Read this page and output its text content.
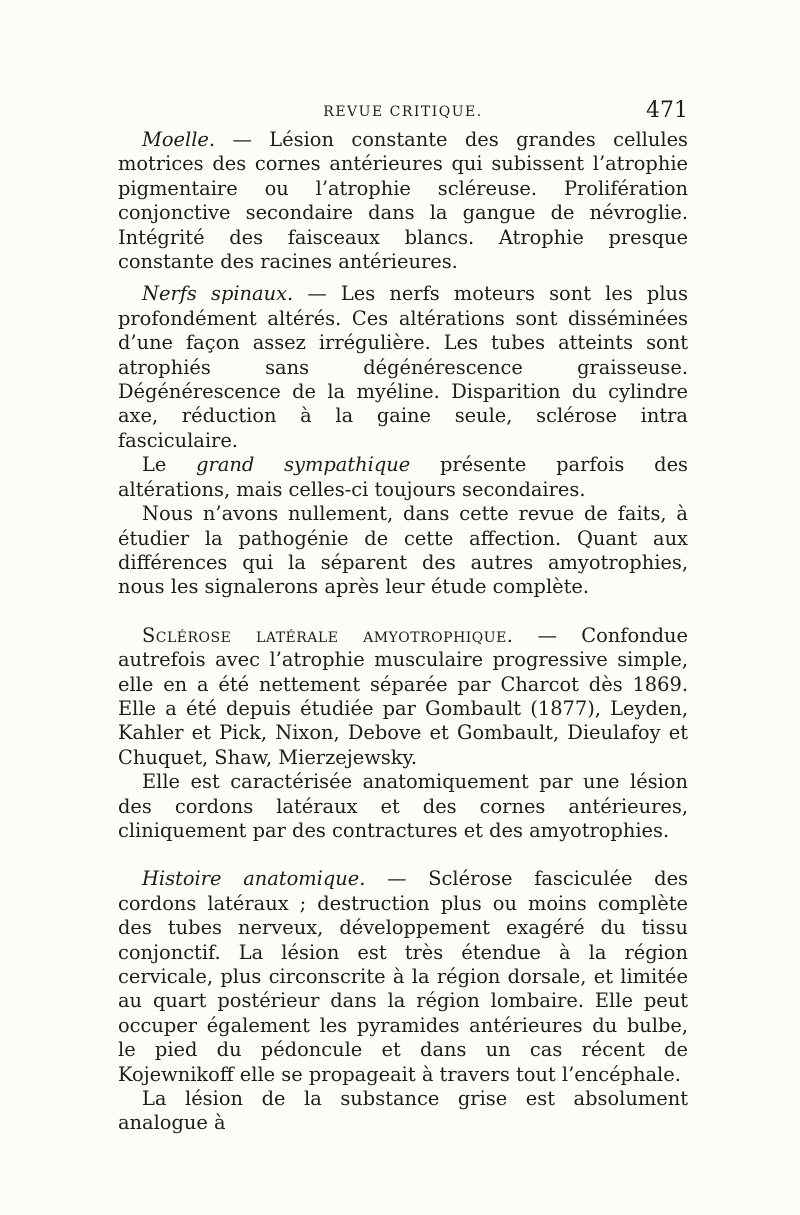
REVUE CRITIQUE.	471

Moelle. — Lésion constante des grandes cellules motrices des cornes antérieures qui subissent l’atrophie pigmentaire ou l’atrophie scléreuse. Prolifération conjonctive secondaire dans la gangue de névroglie. Intégrité des faisceaux blancs. Atrophie presque constante des racines antérieures.

Nerfs spinaux. — Les nerfs moteurs sont les plus profondément altérés. Ces altérations sont disséminées d’une façon assez irrégulière. Les tubes atteints sont atrophiés sans dégénérescence graisseuse. Dégénérescence de la myéline. Disparition du cylindre axe, réduction à la gaine seule, sclérose intra fasciculaire.

Le grand sympathique présente parfois des altérations, mais celles-ci toujours secondaires.

Nous n’avons nullement, dans cette revue de faits, à étudier la pathogénie de cette affection. Quant aux différences qui la séparent des autres amyotrophies, nous les signalerons après leur étude complète.

Sclérose latérale amyotrophique. — Confondue autrefois avec l’atrophie musculaire progressive simple, elle en a été nettement séparée par Charcot dès 1869. Elle a été depuis étudiée par Gombault (1877), Leyden, Kahler et Pick, Nixon, Debove et Gombault, Dieulafoy et Chuquet, Shaw, Mierzejewsky.

Elle est caractérisée anatomiquement par une lésion des cordons latéraux et des cornes antérieures, cliniquement par des contractures et des amyotrophies.

Histoire anatomique. — Sclérose fasciculée des cordons latéraux ; destruction plus ou moins complète des tubes nerveux, développement exagéré du tissu conjonctif. La lésion est très étendue à la région cervicale, plus circonscrite à la région dorsale, et limitée au quart postérieur dans la région lombaire. Elle peut occuper également les pyramides antérieures du bulbe, le pied du pédoncule et dans un cas récent de Kojewnikoff elle se propageait à travers tout l’encéphale.

La lésion de la substance grise est absolument analogue à
